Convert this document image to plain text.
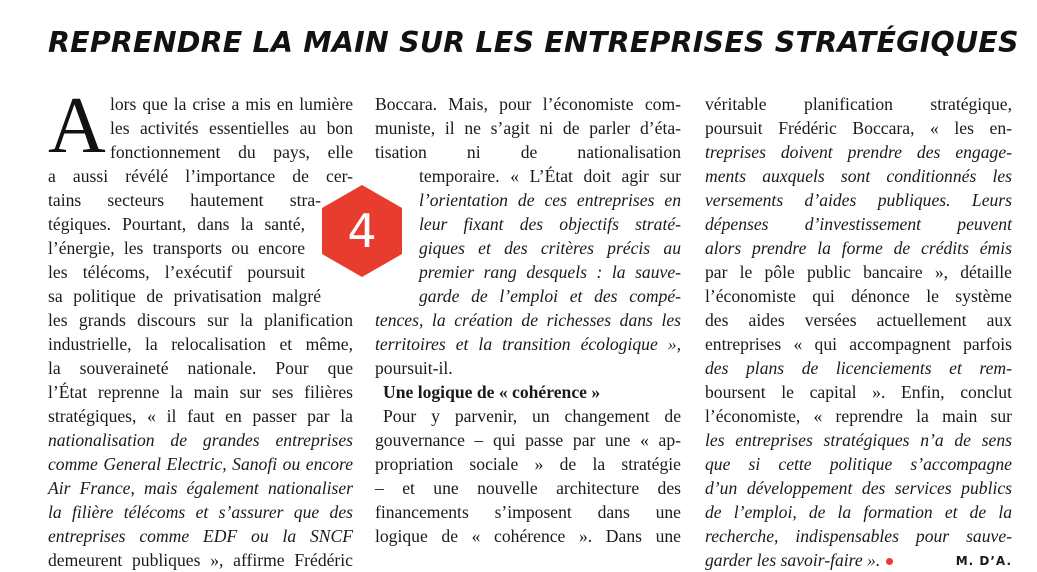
REPRENDRE LA MAIN SUR LES ENTREPRISES STRATÉGIQUES
A lors que la crise a mis en lumière
les activités essentielles au bon
fonctionnement du pays, elle
a aussi révélé l’importance de cer-
tains secteurs hautement stra-
tégiques. Pourtant, dans la santé,
l’énergie, les transports ou encore
les télécoms, l’exécutif poursuit
sa politique de privatisation malgré
les grands discours sur la planification
industrielle, la relocalisation et même,
la souveraineté nationale. Pour que
l’État reprenne la main sur ses filières
stratégiques, « il faut en passer par la
nationalisation de grandes entreprises
comme General Electric, Sanofi ou encore
Air France, mais également nationaliser
la filière télécoms et s’assurer que des
entreprises comme EDF ou la SNCF
demeurent publiques », affirme Frédéric
Boccara. Mais, pour l’économiste com-
muniste, il ne s’agit ni de parler d’éta-
tisation ni de nationalisation
temporaire. « L’État doit agir sur
l’orientation de ces entreprises en
leur fixant des objectifs straté-
giques et des critères précis au
premier rang desquels : la sauve-
garde de l’emploi et des compé-
tences, la création de richesses dans les
territoires et la transition écologique »,
poursuit-il.
Une logique de « cohérence »
Pour y parvenir, un changement de
gouvernance – qui passe par une « ap-
propriation sociale » de la stratégie
– et une nouvelle architecture des
financements s’imposent dans une
logique de « cohérence ». Dans une
véritable planification stratégique,
poursuit Frédéric Boccara, « les en-
treprises doivent prendre des engage-
ments auxquels sont conditionnés les
versements d’aides publiques. Leurs
dépenses d’investissement peuvent
alors prendre la forme de crédits émis
par le pôle public bancaire », détaille
l’économiste qui dénonce le système
des aides versées actuellement aux
entreprises « qui accompagnent parfois
des plans de licenciements et rem-
boursent le capital ». Enfin, conclut
l’économiste, « reprendre la main sur
les entreprises stratégiques n’a de sens
que si cette politique s’accompagne
d’un développement des services publics
de l’emploi, de la formation et de la
recherche, indispensables pour sauve-
garder les savoir-faire ».	M. D’A.
4
